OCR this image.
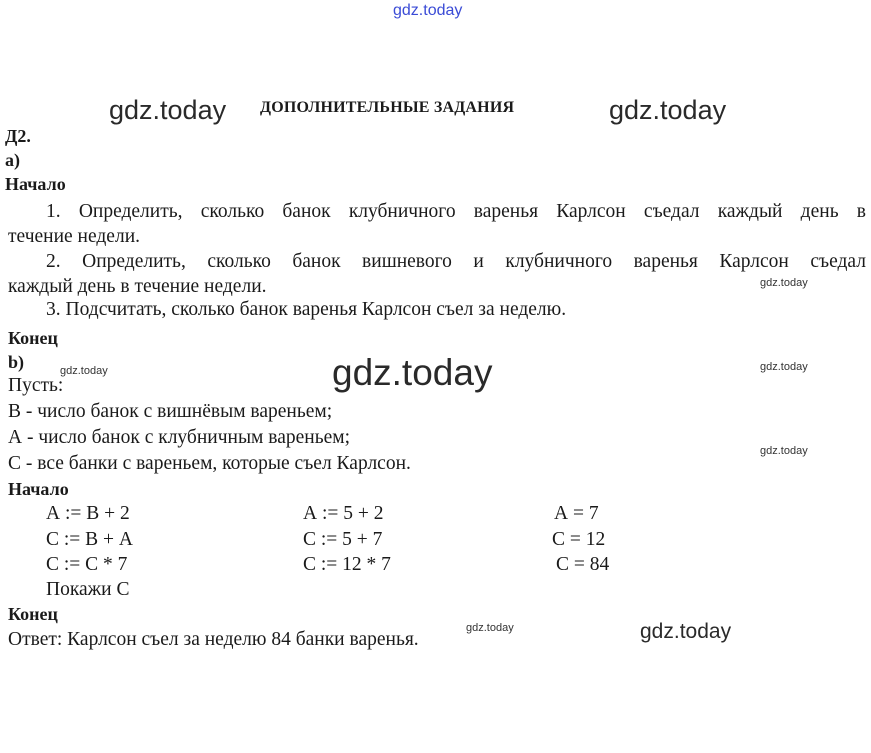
gdz.today
gdz.today	gdz.today
gdz.today
gdz.today	gdz.today	gdz.today
gdz.today
gdz.today	gdz.today
ДОПОЛНИТЕЛЬНЫЕ ЗАДАНИЯ
Д2.
а)
Начало
1. Определить, сколько банок клубничного варенья Карлсон съедал каждый день в
течение недели.
2. Определить, сколько банок вишневого и клубничного варенья Карлсон съедал
каждый день в течение недели.
3. Подсчитать, сколько банок варенья Карлсон съел за неделю.
Конец
b)
Пусть:
В - число банок с вишнёвым вареньем;
А - число банок с клубничным вареньем;
С - все банки с вареньем, которые съел Карлсон.
Начало
А := В + 2	А := 5 + 2	А = 7
С := В + А	С := 5 + 7	С = 12
С := С * 7	С := 12 * 7	С = 84
Покажи С
Конец
Ответ: Карлсон съел за неделю 84 банки варенья.
